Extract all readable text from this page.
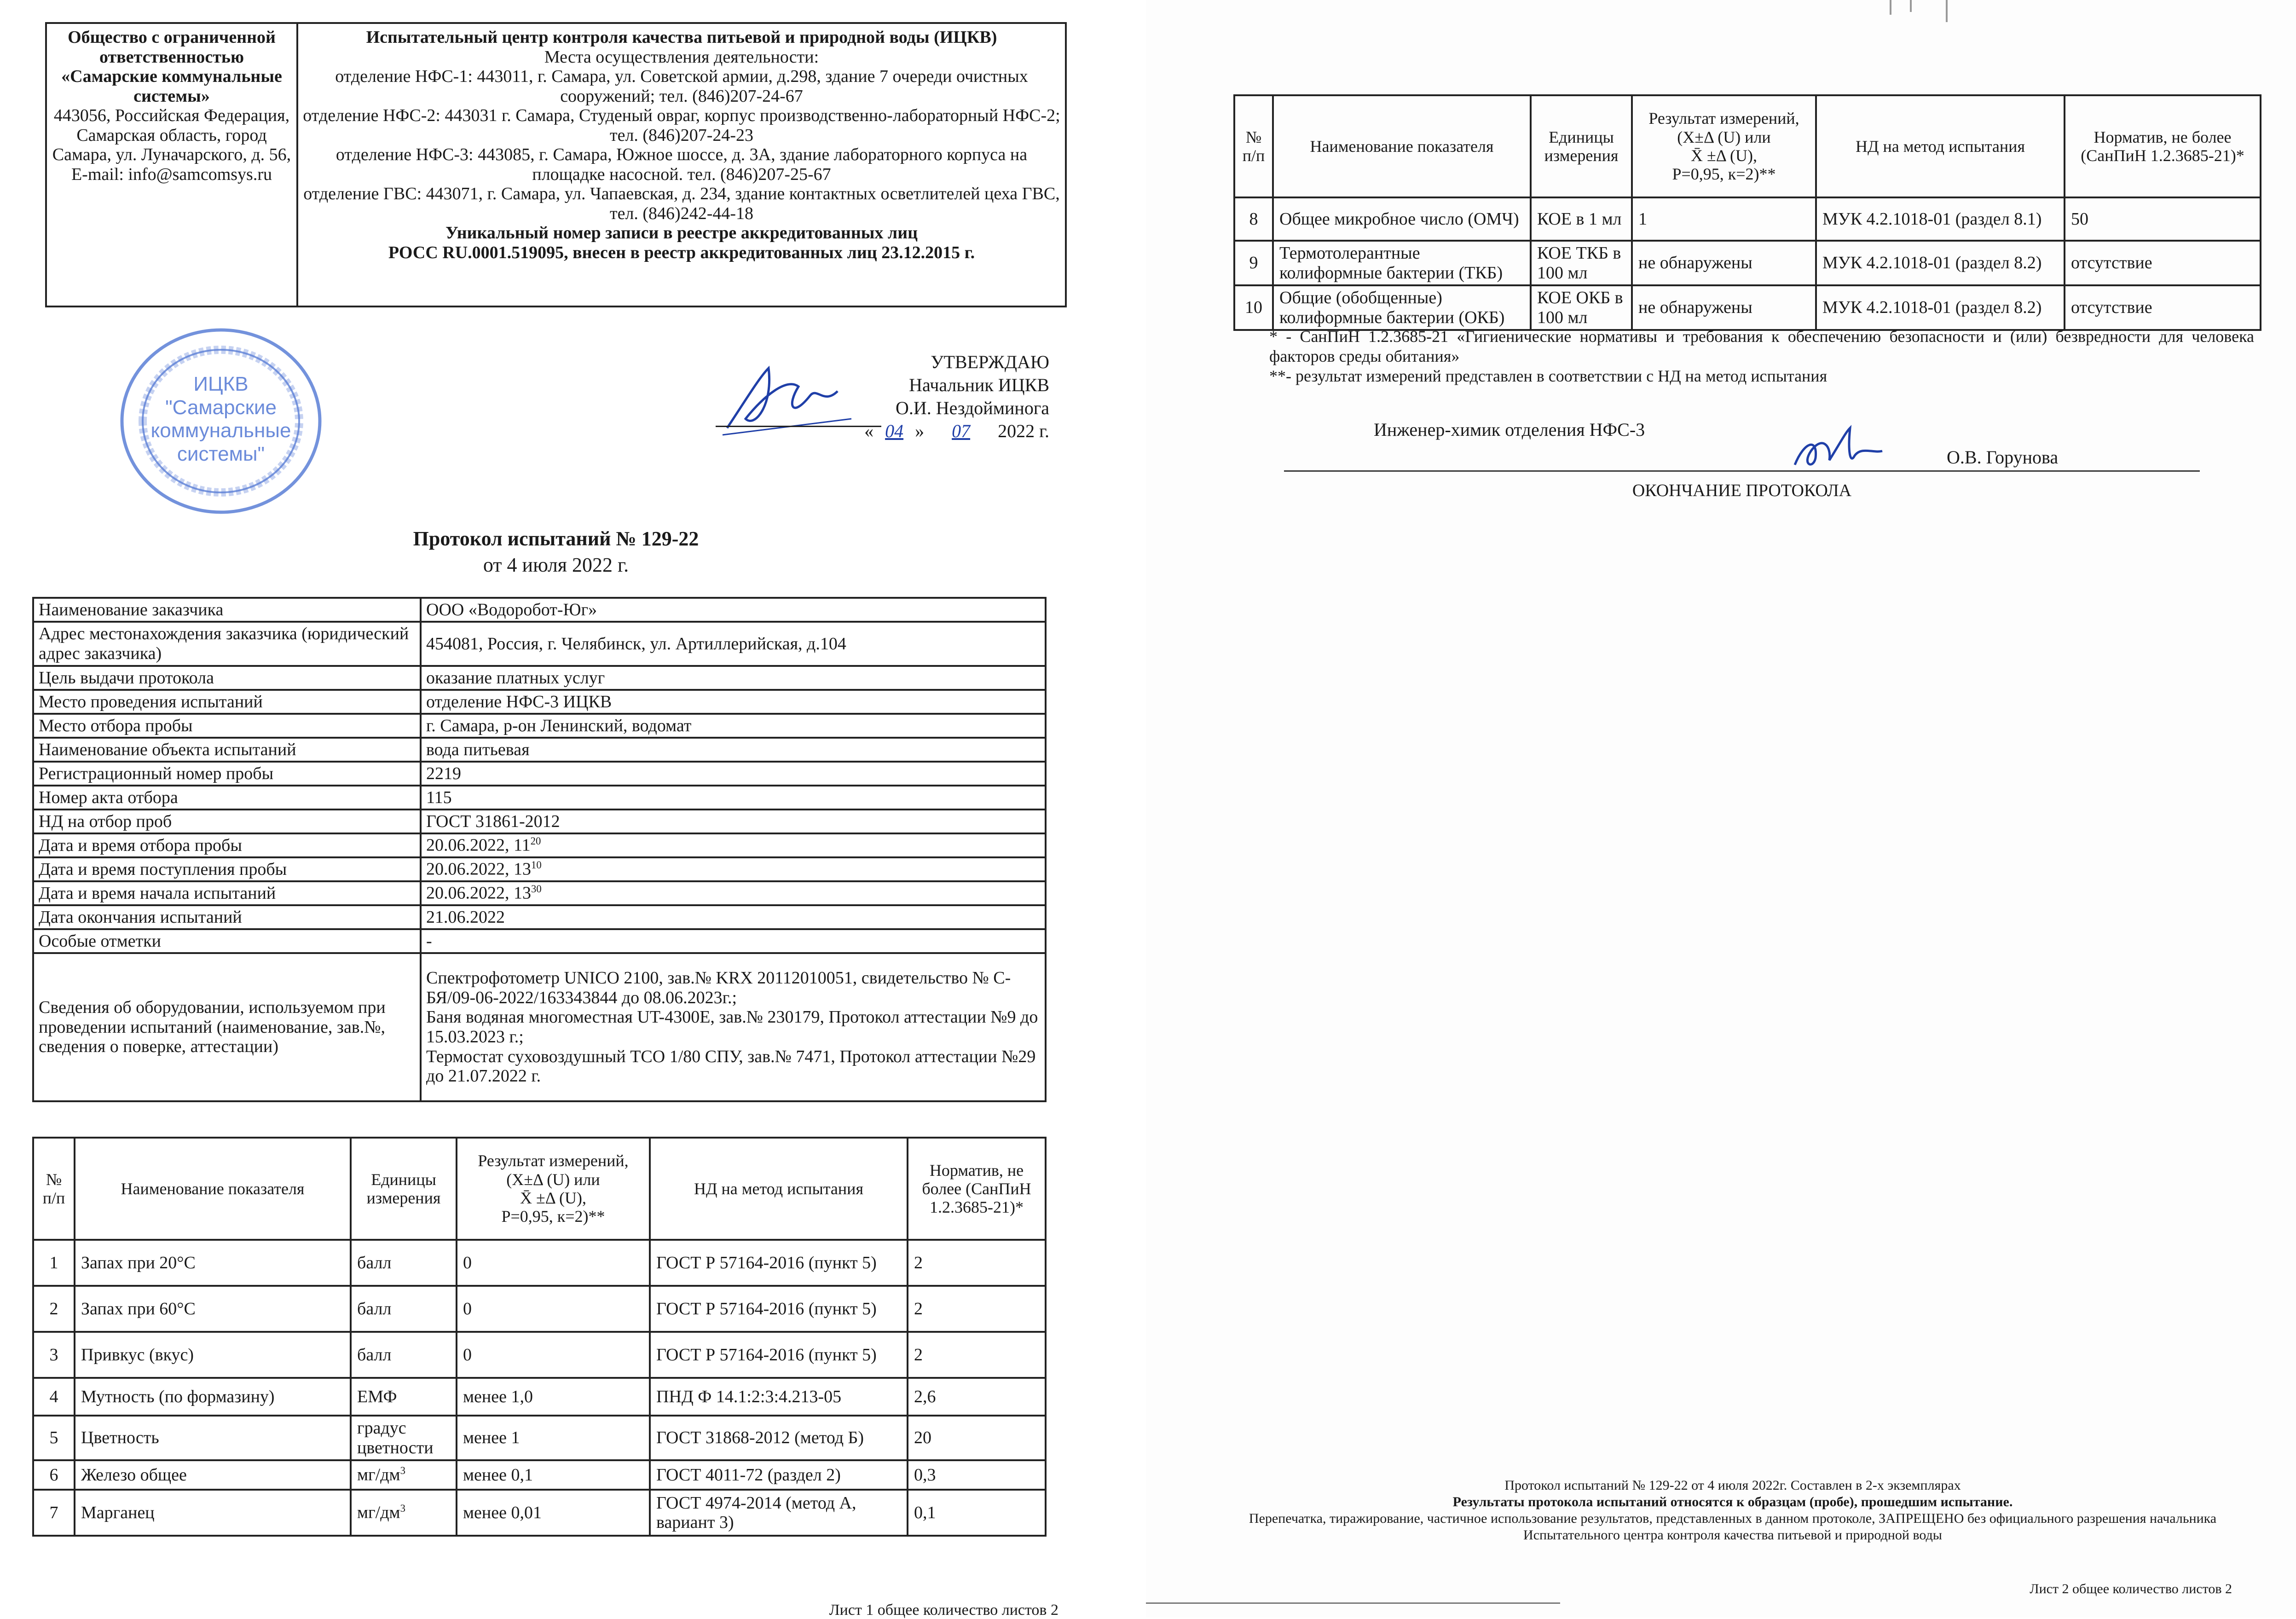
Общество с ограниченной ответственностью «Самарские коммунальные системы»
443056, Российская Федерация, Самарская область, город Самара, ул. Луначарского, д. 56,
E-mail: info@samcomsys.ru

Испытательный центр контроля качества питьевой и природной воды (ИЦКВ)
Места осуществления деятельности:
отделение НФС-1: 443011, г. Самара, ул. Советской армии, д.298, здание 7 очереди очистных сооружений; тел. (846)207-24-67
отделение НФС-2: 443031 г. Самара, Студеный овраг, корпус производственно-лабораторный НФС-2; тел. (846)207-24-23
отделение НФС-3: 443085, г. Самара, Южное шоссе, д. 3А, здание лабораторного корпуса на площадке насосной. тел. (846)207-25-67
отделение ГВС: 443071, г. Самара, ул. Чапаевская, д. 234, здание контактных осветлителей цеха ГВС, тел. (846)242-44-18
Уникальный номер записи в реестре аккредитованных лиц
РОСС RU.0001.519095, внесен в реестр аккредитованных лиц 23.12.2015 г.
ИЦКВ
"Самарские
коммунальные
системы"
УТВЕРЖДАЮ
Начальник ИЦКВ
О.И. Нездойминога
« 04 » 07 2022 г.
Протокол испытаний № 129-22
от 4 июля 2022 г.
Наименование заказчика	ООО «Водоробот-Юг»
Адрес местонахождения заказчика (юридический адрес заказчика)	454081, Россия, г. Челябинск, ул. Артиллерийская, д.104
Цель выдачи протокола	оказание платных услуг
Место проведения испытаний	отделение НФС-3 ИЦКВ
Место отбора пробы	г. Самара, р-он Ленинский, водомат
Наименование объекта испытаний	вода питьевая
Регистрационный номер пробы	2219
Номер акта отбора	115
НД на отбор проб	ГОСТ 31861-2012
Дата и время отбора пробы	20.06.2022, $11^{20}$
Дата и время поступления пробы	20.06.2022, $13^{10}$
Дата и время начала испытаний	20.06.2022, $13^{30}$
Дата окончания испытаний	21.06.2022
Особые отметки	-
Сведения об оборудовании, используемом при проведении испытаний (наименование, зав.№, сведения о поверке, аттестации)	Спектрофотометр UNICO 2100, зав.№ KRX 20112010051, свидетельство № С-БЯ/09-06-2022/163343844 до 08.06.2023г.;
Баня водяная многоместная UT-4300E, зав.№ 230179, Протокол аттестации №9 до 15.03.2023 г.;
Термостат суховоздушный ТСО 1/80 СПУ, зав.№ 7471, Протокол аттестации №29 до 21.07.2022 г.
№ п/п	Наименование показателя	Единицы измерения	Результат измерений, (X±Δ (U) или
X̄ ±Δ (U),
P=0,95, к=2)**	НД на метод испытания	Норматив, не более (СанПиН 1.2.3685-21)*
1	Запах при 20°С	балл	0	ГОСТ Р 57164-2016 (пункт 5)	2
2	Запах при 60°С	балл	0	ГОСТ Р 57164-2016 (пункт 5)	2
3	Привкус (вкус)	балл	0	ГОСТ Р 57164-2016 (пункт 5)	2
4	Мутность (по формазину)	ЕМФ	менее 1,0	ПНД Ф 14.1:2:3:4.213-05	2,6
5	Цветность	градус цветности	менее 1	ГОСТ 31868-2012 (метод Б)	20
6	Железо общее	$мг/дм^3$	менее 0,1	ГОСТ 4011-72 (раздел 2)	0,3
7	Марганец	$мг/дм^3$	менее 0,01	ГОСТ 4974-2014 (метод А, вариант 3)	0,1
Лист 1 общее количество листов 2
№ п/п	Наименование показателя	Единицы измерения	Результат измерений, (X±Δ (U) или
X̄ ±Δ (U),
P=0,95, к=2)**	НД на метод испытания	Норматив, не более (СанПиН 1.2.3685-21)*
8	Общее микробное число (ОМЧ)	КОЕ в 1 мл	1	МУК 4.2.1018-01 (раздел 8.1)	50
9	Термотолерантные колиформные бактерии (ТКБ)	КОЕ ТКБ в 100 мл	не обнаружены	МУК 4.2.1018-01 (раздел 8.2)	отсутствие
10	Общие (обобщенные) колиформные бактерии (ОКБ)	КОЕ ОКБ в 100 мл	не обнаружены	МУК 4.2.1018-01 (раздел 8.2)	отсутствие
* - СанПиН 1.2.3685-21 «Гигиенические нормативы и требования к обеспечению безопасности и (или) безвредности для человека факторов среды обитания»
**- результат измерений представлен в соответствии с НД на метод испытания
Инженер-химик отделения НФС-3
О.В. Горунова
ОКОНЧАНИЕ ПРОТОКОЛА
Протокол испытаний № 129-22 от 4 июля 2022г. Составлен в 2-х экземплярах
Результаты протокола испытаний относятся к образцам (пробе), прошедшим испытание.
Перепечатка, тиражирование, частичное использование результатов, представленных в данном протоколе, ЗАПРЕЩЕНО без официального разрешения начальника Испытательного центра контроля качества питьевой и природной воды
Лист 2 общее количество листов 2
